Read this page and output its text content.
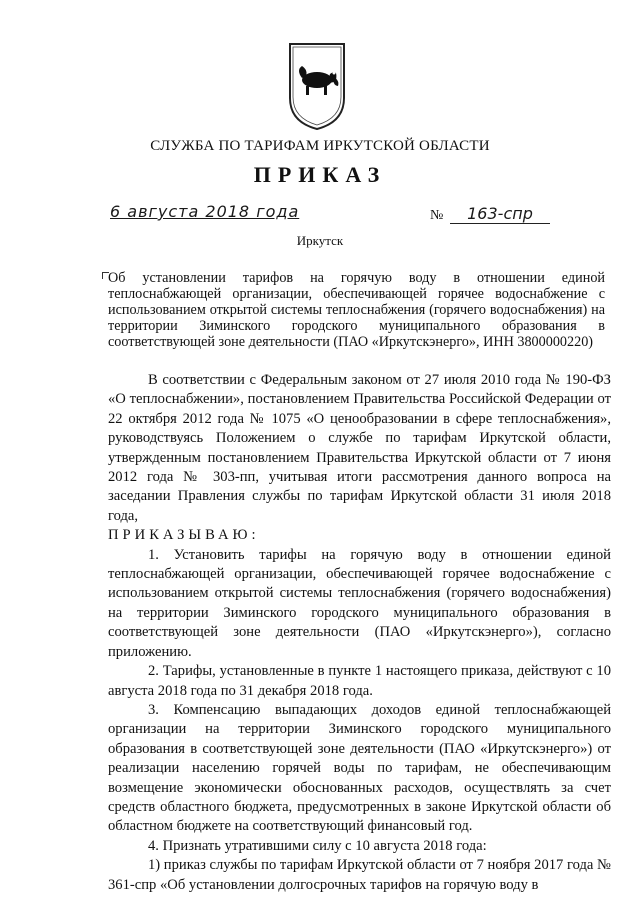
СЛУЖБА ПО ТАРИФАМ ИРКУТСКОЙ ОБЛАСТИ
ПРИКАЗ
6 августа 2018 года	№ 163-спр
Иркутск
Об установлении тарифов на горячую воду в отношении единой теплоснабжающей организации, обеспечивающей горячее водоснабжение с использованием открытой системы теплоснабжения (горячего водоснабжения) на территории Зиминского городского муниципального образования в соответствующей зоне деятельности (ПАО «Иркутскэнерго», ИНН 3800000220)

В соответствии с Федеральным законом от 27 июля 2010 года № 190-ФЗ «О теплоснабжении», постановлением Правительства Российской Федерации от 22 октября 2012 года № 1075 «О ценообразовании в сфере теплоснабжения», руководствуясь Положением о службе по тарифам Иркутской области, утвержденным постановлением Правительства Иркутской области от 7 июня 2012 года № 303-пп, учитывая итоги рассмотрения данного вопроса на заседании Правления службы по тарифам Иркутской области 31 июля 2018 года,

ПРИКАЗЫВАЮ:

1. Установить тарифы на горячую воду в отношении единой теплоснабжающей организации, обеспечивающей горячее водоснабжение с использованием открытой системы теплоснабжения (горячего водоснабжения) на территории Зиминского городского муниципального образования в соответствующей зоне деятельности (ПАО «Иркутскэнерго»), согласно приложению.

2. Тарифы, установленные в пункте 1 настоящего приказа, действуют с 10 августа 2018 года по 31 декабря 2018 года.

3. Компенсацию выпадающих доходов единой теплоснабжающей организации на территории Зиминского городского муниципального образования в соответствующей зоне деятельности (ПАО «Иркутскэнерго») от реализации населению горячей воды по тарифам, не обеспечивающим возмещение экономически обоснованных расходов, осуществлять за счет средств областного бюджета, предусмотренных в законе Иркутской области об областном бюджете на соответствующий финансовый год.

4. Признать утратившими силу с 10 августа 2018 года:

1) приказ службы по тарифам Иркутской области от 7 ноября 2017 года № 361-спр «Об установлении долгосрочных тарифов на горячую воду в
